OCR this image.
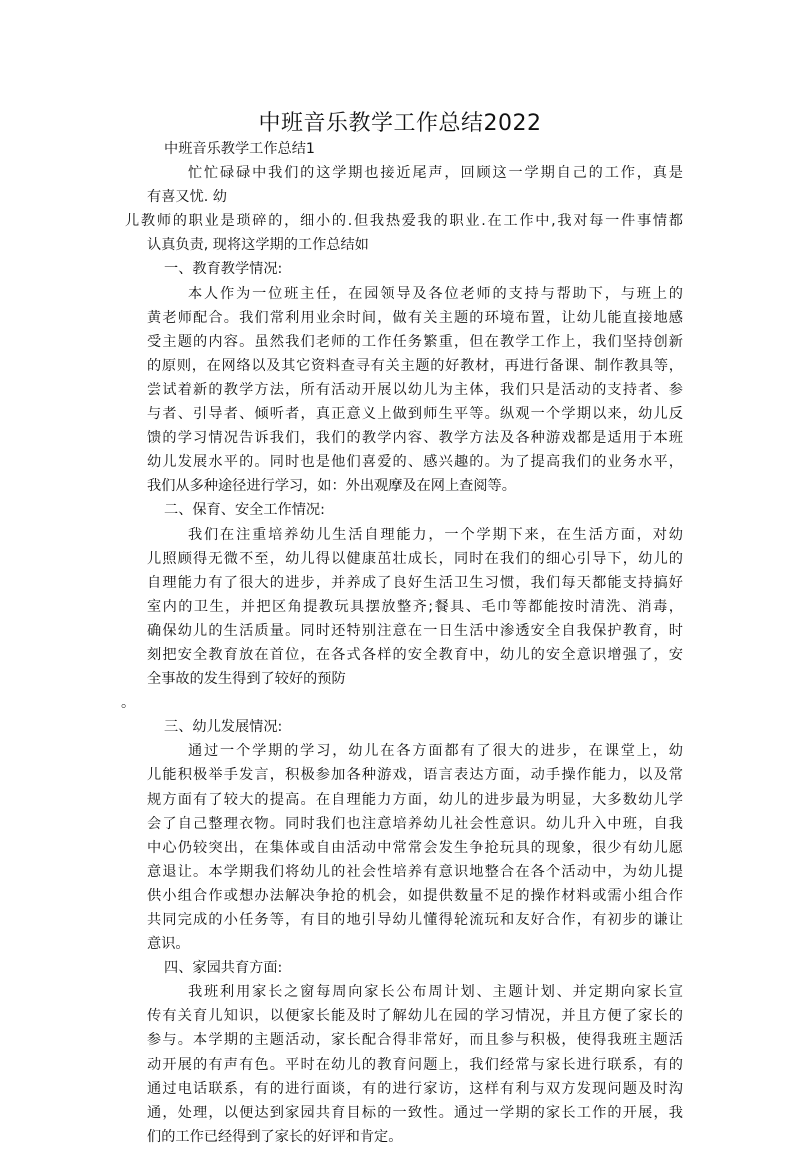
中班音乐教学工作总结2022
中班音乐教学工作总结1
忙忙碌碌中我们的这学期也接近尾声，回顾这一学期自己的工作，真是
有喜又忧. 幼
儿教师的职业是琐碎的，细小的.但我热爱我的职业.在工作中,我对每一件事情都
认真负责, 现将这学期的工作总结如
一、教育教学情况:
本人作为一位班主任，在园领导及各位老师的支持与帮助下，与班上的
黄老师配合。我们常利用业余时间，做有关主题的环境布置，让幼儿能直接地感
受主题的内容。虽然我们老师的工作任务繁重，但在教学工作上，我们坚持创新
的原则，在网络以及其它资料查寻有关主题的好教材，再进行备课、制作教具等，
尝试着新的教学方法，所有活动开展以幼儿为主体，我们只是活动的支持者、参
与者、引导者、倾听者，真正意义上做到师生平等。纵观一个学期以来，幼儿反
馈的学习情况告诉我们，我们的教学内容、教学方法及各种游戏都是适用于本班
幼儿发展水平的。同时也是他们喜爱的、感兴趣的。为了提高我们的业务水平，
我们从多种途径进行学习，如：外出观摩及在网上查阅等。
二、保育、安全工作情况:
我们在注重培养幼儿生活自理能力，一个学期下来，在生活方面，对幼
儿照顾得无微不至，幼儿得以健康茁壮成长，同时在我们的细心引导下，幼儿的
自理能力有了很大的进步，并养成了良好生活卫生习惯，我们每天都能支持搞好
室内的卫生，并把区角提教玩具摆放整齐;餐具、毛巾等都能按时清洗、消毒，
确保幼儿的生活质量。同时还特别注意在一日生活中渗透安全自我保护教育，时
刻把安全教育放在首位，在各式各样的安全教育中，幼儿的安全意识增强了，安
全事故的发生得到了较好的预防
。
三、幼儿发展情况:
通过一个学期的学习，幼儿在各方面都有了很大的进步，在课堂上，幼
儿能积极举手发言，积极参加各种游戏，语言表达方面，动手操作能力，以及常
规方面有了较大的提高。在自理能力方面，幼儿的进步最为明显，大多数幼儿学
会了自己整理衣物。同时我们也注意培养幼儿社会性意识。幼儿升入中班，自我
中心仍较突出，在集体或自由活动中常常会发生争抢玩具的现象，很少有幼儿愿
意退让。本学期我们将幼儿的社会性培养有意识地整合在各个活动中，为幼儿提
供小组合作或想办法解决争抢的机会，如提供数量不足的操作材料或需小组合作
共同完成的小任务等，有目的地引导幼儿懂得轮流玩和友好合作，有初步的谦让
意识。
四、家园共育方面:
我班利用家长之窗每周向家长公布周计划、主题计划、并定期向家长宣
传有关育儿知识，以便家长能及时了解幼儿在园的学习情况，并且方便了家长的
参与。本学期的主题活动，家长配合得非常好，而且参与积极，使得我班主题活
动开展的有声有色。平时在幼儿的教育问题上，我们经常与家长进行联系，有的
通过电话联系，有的进行面谈，有的进行家访，这样有利与双方发现问题及时沟
通，处理，以便达到家园共育目标的一致性。通过一学期的家长工作的开展，我
们的工作已经得到了家长的好评和肯定。
